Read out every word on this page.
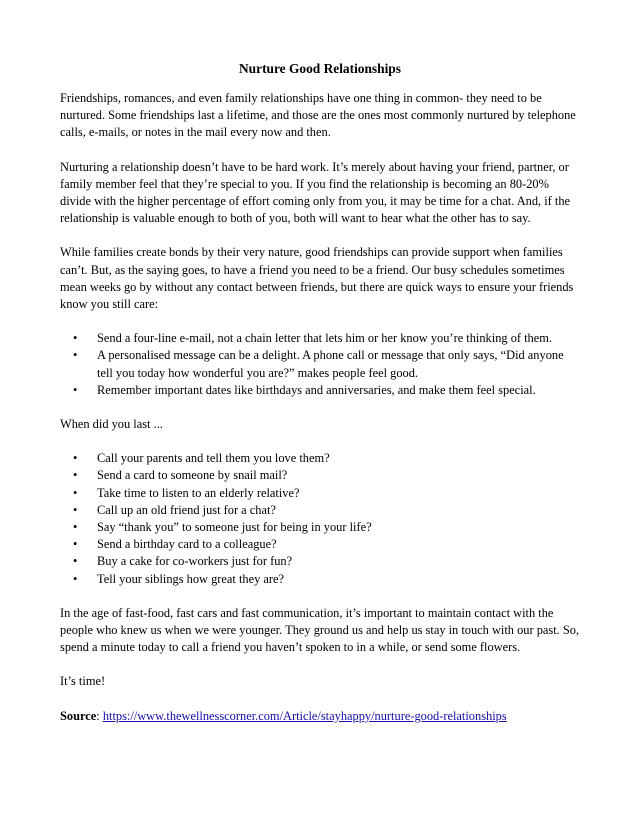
Nurture Good Relationships

Friendships, romances, and even family relationships have one thing in common- they need to be nurtured. Some friendships last a lifetime, and those are the ones most commonly nurtured by telephone calls, e-mails, or notes in the mail every now and then.

Nurturing a relationship doesn’t have to be hard work. It’s merely about having your friend, partner, or family member feel that they’re special to you. If you find the relationship is becoming an 80-20% divide with the higher percentage of effort coming only from you, it may be time for a chat. And, if the relationship is valuable enough to both of you, both will want to hear what the other has to say.

While families create bonds by their very nature, good friendships can provide support when families can’t. But, as the saying goes, to have a friend you need to be a friend. Our busy schedules sometimes mean weeks go by without any contact between friends, but there are quick ways to ensure your friends know you still care:

• Send a four-line e-mail, not a chain letter that lets him or her know you’re thinking of them.
• A personalised message can be a delight. A phone call or message that only says, “Did anyone tell you today how wonderful you are?” makes people feel good.
• Remember important dates like birthdays and anniversaries, and make them feel special.

When did you last ...

• Call your parents and tell them you love them?
• Send a card to someone by snail mail?
• Take time to listen to an elderly relative?
• Call up an old friend just for a chat?
• Say “thank you” to someone just for being in your life?
• Send a birthday card to a colleague?
• Buy a cake for co-workers just for fun?
• Tell your siblings how great they are?

In the age of fast-food, fast cars and fast communication, it’s important to maintain contact with the people who knew us when we were younger. They ground us and help us stay in touch with our past. So, spend a minute today to call a friend you haven’t spoken to in a while, or send some flowers.

It’s time!

Source: https://www.thewellnesscorner.com/Article/stayhappy/nurture-good-relationships
